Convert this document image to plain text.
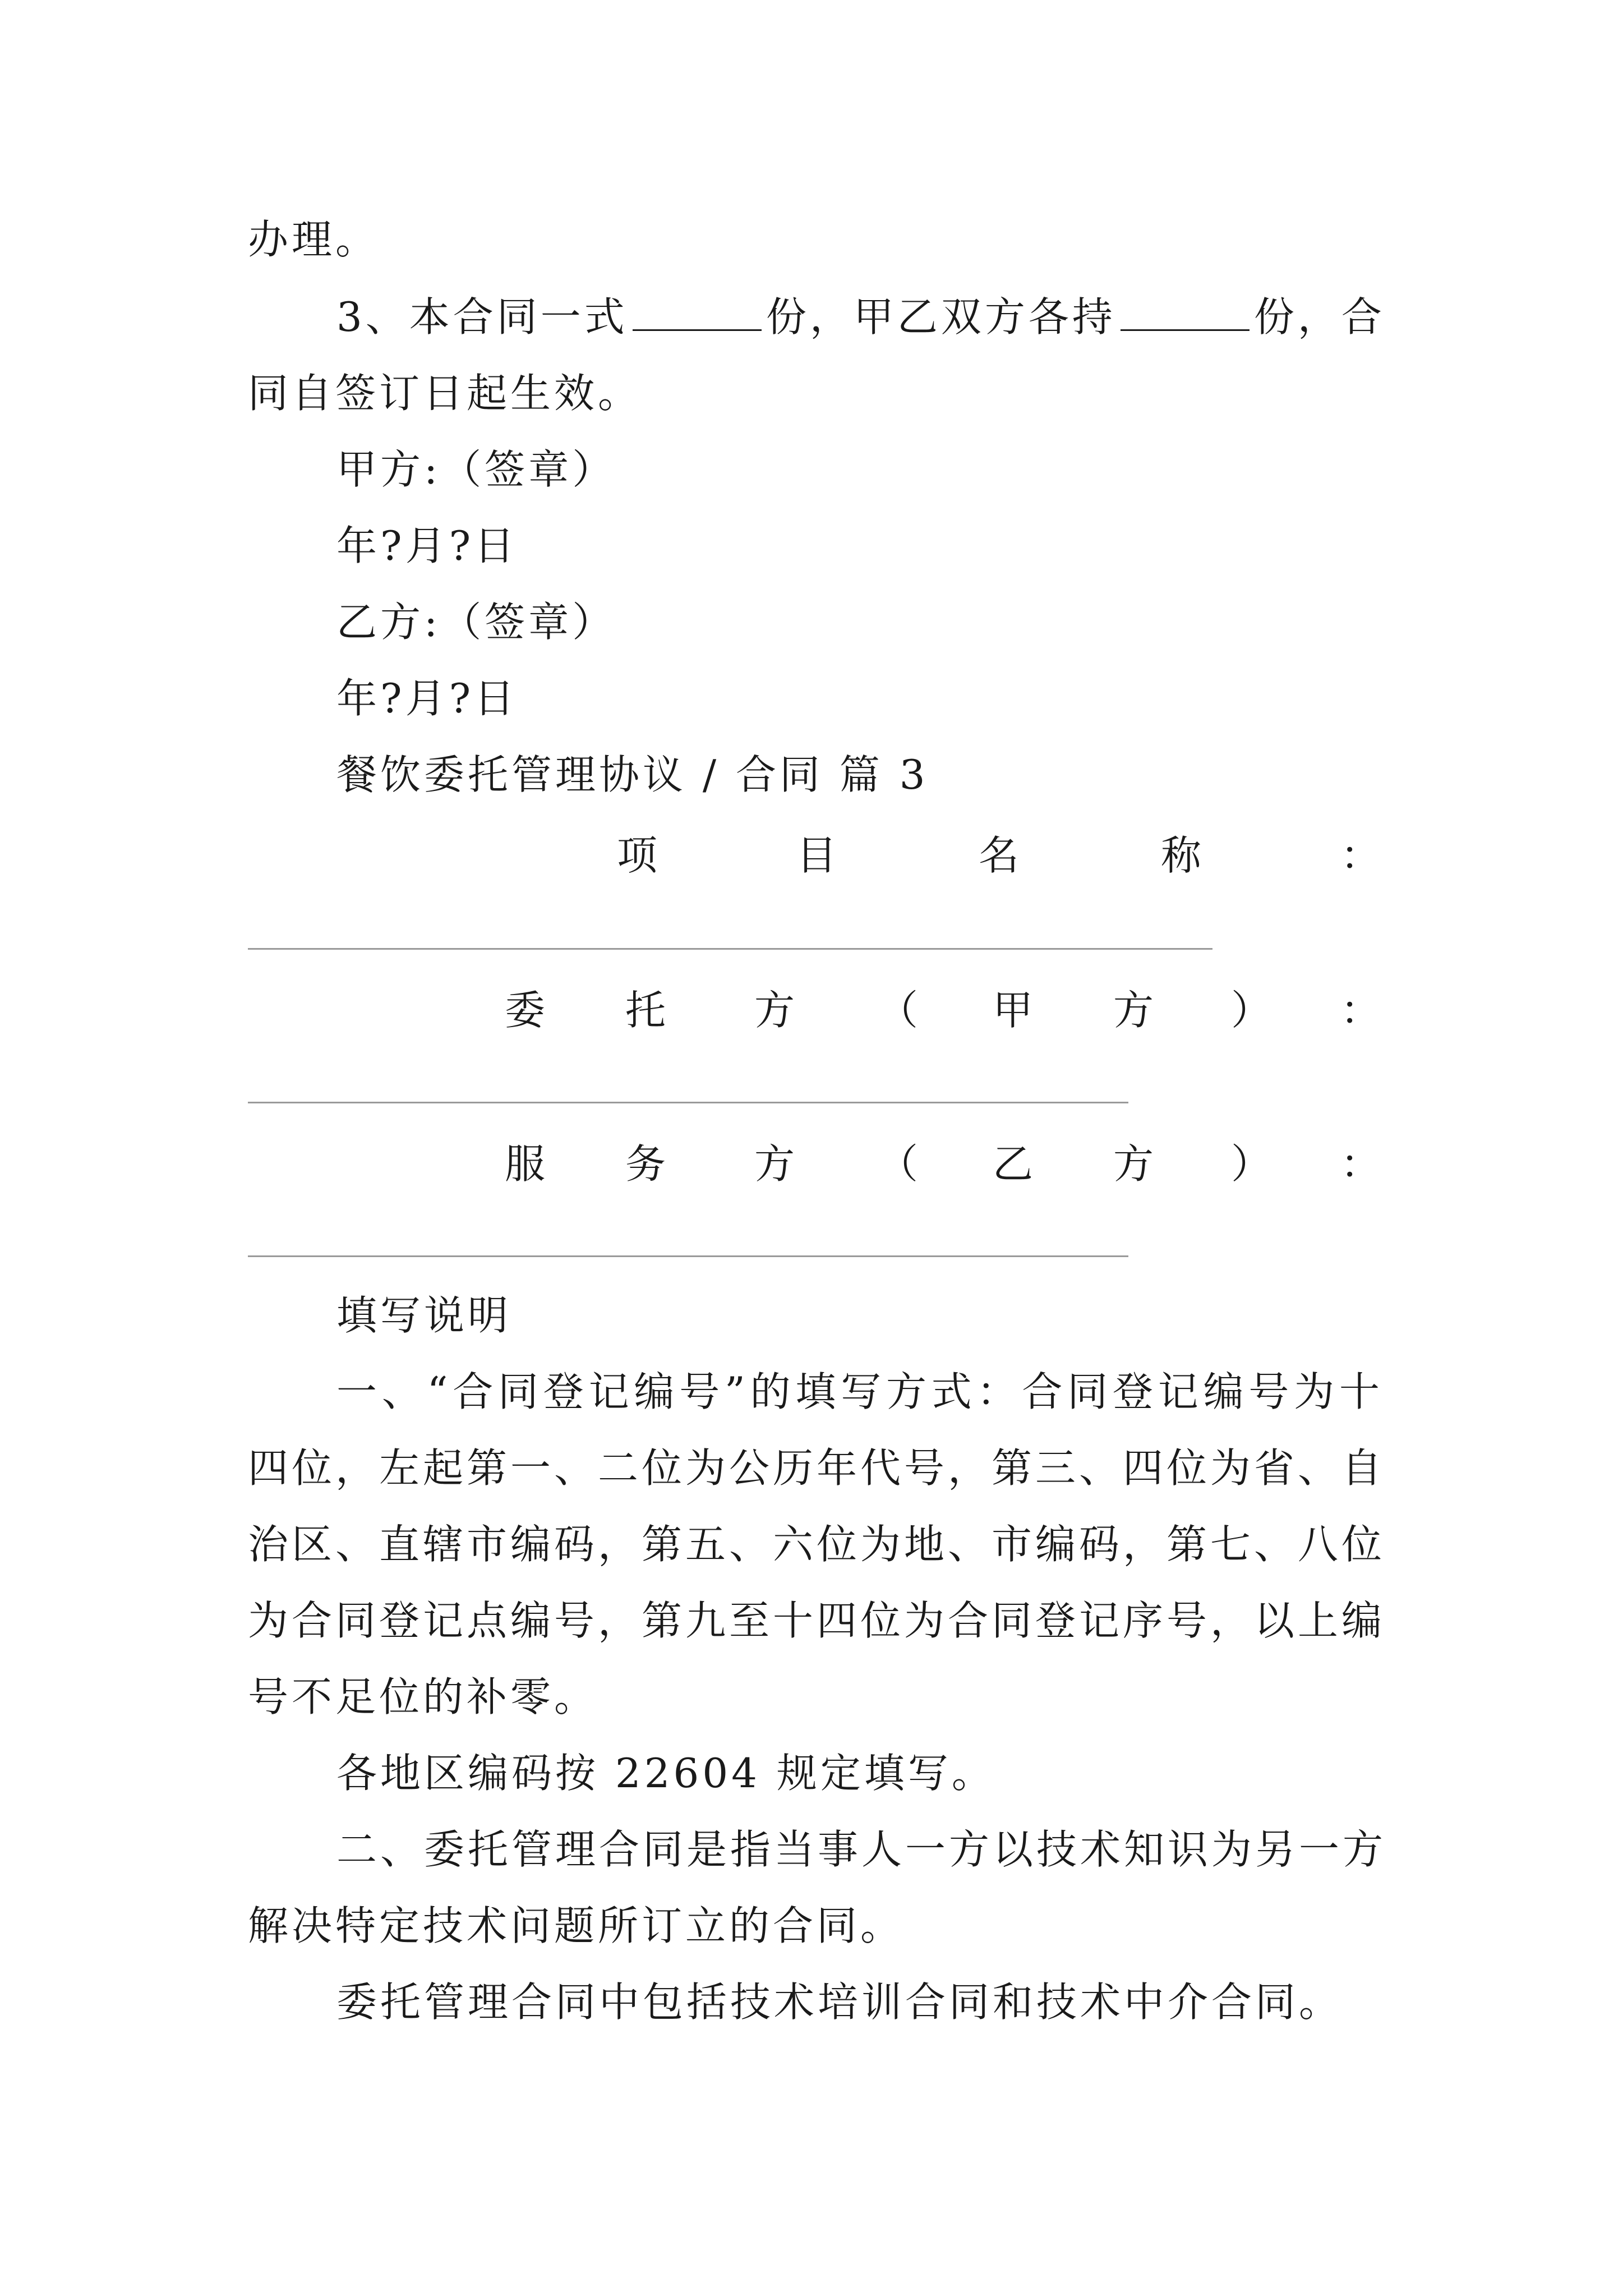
办理。
3、本合同一式	份，甲乙双方各持	份，合
同自签订日起生效。
甲方:（签章）
年?月?日
乙方:（签章）
年?月?日
餐饮委托管理协议 / 合同 篇 3
项	目	名	称	：
委 托 方 （ 甲 方 ） ：
服 务 方 （ 乙 方 ） ：
填写说明
一、“合同登记编号”的填写方式：合同登记编号为十
四位，左起第一、二位为公历年代号，第三、四位为省、自
治区、直辖市编码，第五、六位为地、市编码，第七、八位
为合同登记点编号，第九至十四位为合同登记序号，以上编
号不足位的补零。
各地区编码按 22604 规定填写。
二、委托管理合同是指当事人一方以技术知识为另一方
解决特定技术问题所订立的合同。
委托管理合同中包括技术培训合同和技术中介合同。
